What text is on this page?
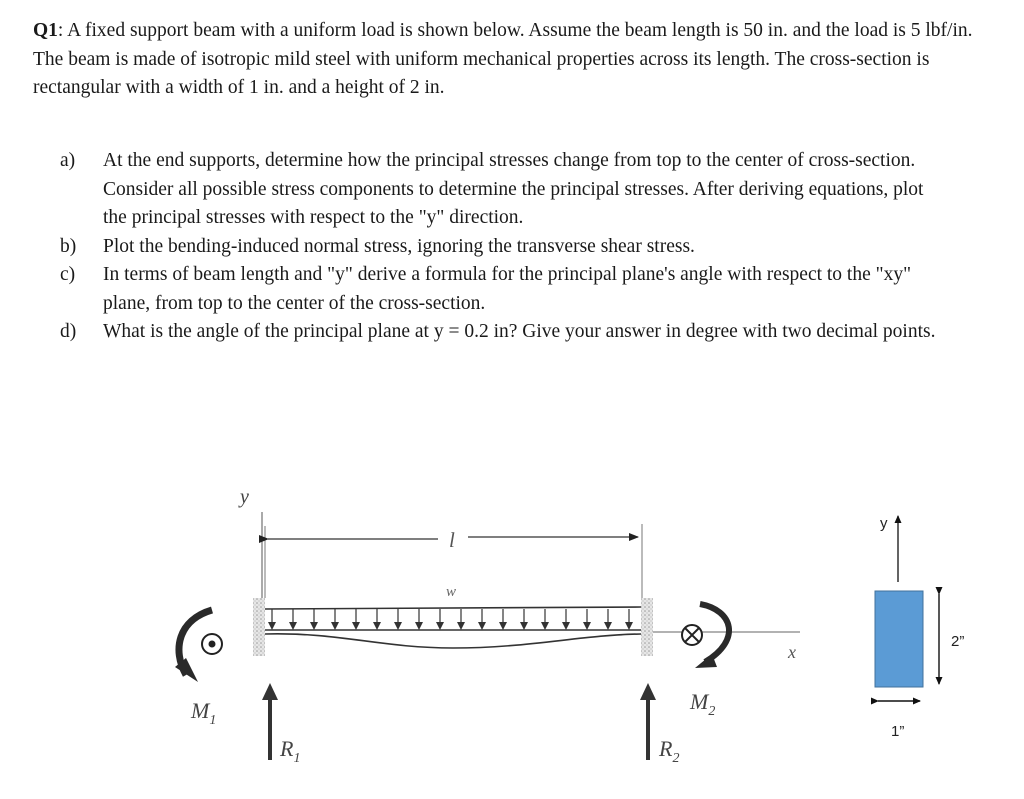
Q1: A fixed support beam with a uniform load is shown below. Assume the beam length is 50 in. and the load is 5 lbf/in. The beam is made of isotropic mild steel with uniform mechanical properties across its length. The cross-section is rectangular with a width of 1 in. and a height of 2 in.
a)	At the end supports, determine how the principal stresses change from top to the center of cross-section. Consider all possible stress components to determine the principal stresses. After deriving equations, plot the principal stresses with respect to the "y" direction.
b)	Plot the bending-induced normal stress, ignoring the transverse shear stress.
c)	In terms of beam length and "y" derive a formula for the principal plane's angle with respect to the "xy" plane, from top to the center of the cross-section.
d)	What is the angle of the principal plane at y = 0.2 in? Give your answer in degree with two decimal points.
y
l
w
$M_1$
$R_1$
x
$M_2$
$R_2$
y
2”
1”
